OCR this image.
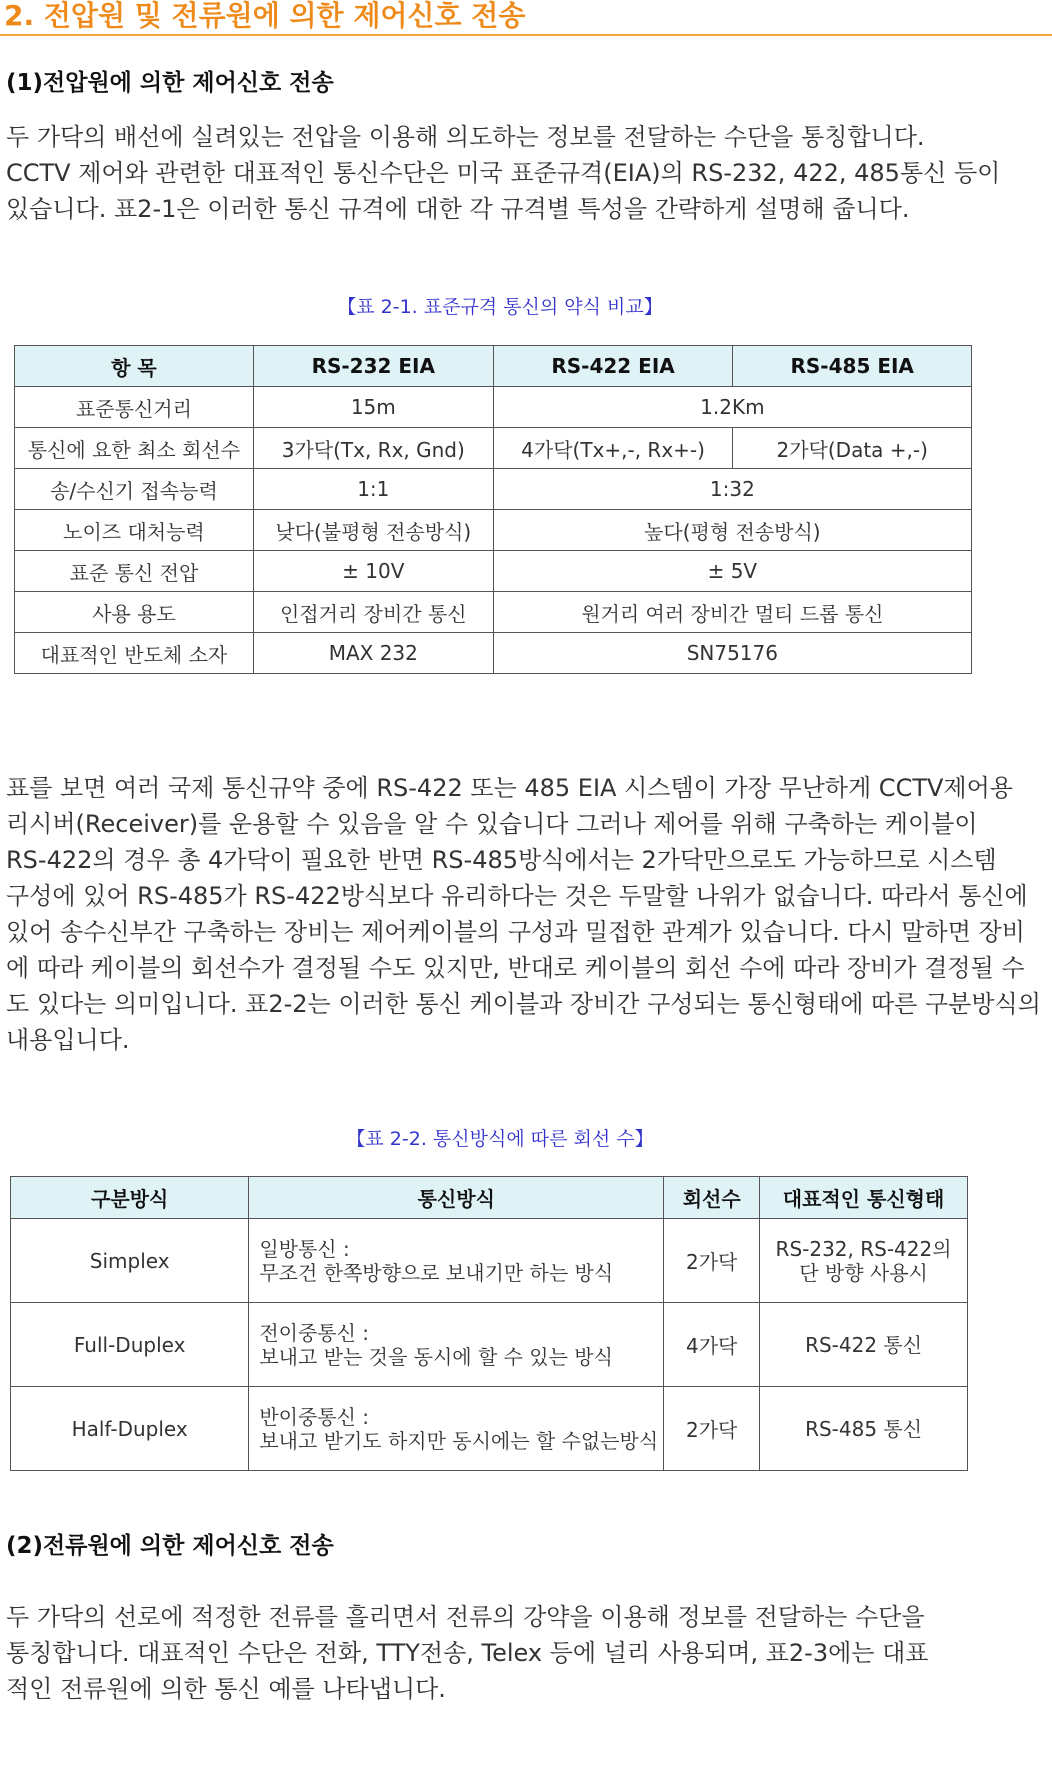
2. 전압원 및 전류원에 의한 제어신호 전송
(1)전압원에 의한 제어신호 전송
두 가닥의 배선에 실려있는 전압을 이용해 의도하는 정보를 전달하는 수단을 통칭합니다.
CCTV 제어와 관련한 대표적인 통신수단은 미국 표준규격(EIA)의 RS-232, 422, 485통신 등이
있습니다. 표2-1은 이러한 통신 규격에 대한 각 규격별 특성을 간략하게 설명해 줍니다.
【표 2-1. 표준규격 통신의 약식 비교】
항 목	RS-232 EIA	RS-422 EIA	RS-485 EIA
표준통신거리	15m	1.2Km	
통신에 요한 최소 회선수	3가닥(Tx, Rx, Gnd)	4가닥(Tx+,-, Rx+-)	2가닥(Data +,-)
송/수신기 접속능력	1:1	1:32	
노이즈 대처능력	낮다(불평형 전송방식)	높다(평형 전송방식)	
표준 통신 전압	± 10V	± 5V	
사용 용도	인접거리 장비간 통신	원거리 여러 장비간 멀티 드롭 통신	
대표적인 반도체 소자	MAX 232	SN75176	
표를 보면 여러 국제 통신규약 중에 RS-422 또는 485 EIA 시스템이 가장 무난하게 CCTV제어용
리시버(Receiver)를 운용할 수 있음을 알 수 있습니다 그러나 제어를 위해 구축하는 케이블이
RS-422의 경우 총 4가닥이 필요한 반면 RS-485방식에서는 2가닥만으로도 가능하므로 시스템
구성에 있어 RS-485가 RS-422방식보다 유리하다는 것은 두말할 나위가 없습니다. 따라서 통신에
있어 송수신부간 구축하는 장비는 제어케이블의 구성과 밀접한 관계가 있습니다. 다시 말하면 장비
에 따라 케이블의 회선수가 결정될 수도 있지만, 반대로 케이블의 회선 수에 따라 장비가 결정될 수
도 있다는 의미입니다. 표2-2는 이러한 통신 케이블과 장비간 구성되는 통신형태에 따른 구분방식의
내용입니다.
【표 2-2. 통신방식에 따른 회선 수】
구분방식	통신방식	회선수	대표적인 통신형태
Simplex	일방통신 :
무조건 한쪽방향으로 보내기만 하는 방식	2가닥	RS-232, RS-422의
단 방향 사용시

Full-Duplex	전이중통신 :
보내고 받는 것을 동시에 할 수 있는 방식	4가닥	RS-422 통신

Half-Duplex	반이중통신 :
보내고 받기도 하지만 동시에는 할 수없는방식	2가닥	RS-485 통신
(2)전류원에 의한 제어신호 전송
두 가닥의 선로에 적정한 전류를 흘리면서 전류의 강약을 이용해 정보를 전달하는 수단을
통칭합니다. 대표적인 수단은 전화, TTY전송, Telex 등에 널리 사용되며, 표2-3에는 대표
적인 전류원에 의한 통신 예를 나타냅니다.
